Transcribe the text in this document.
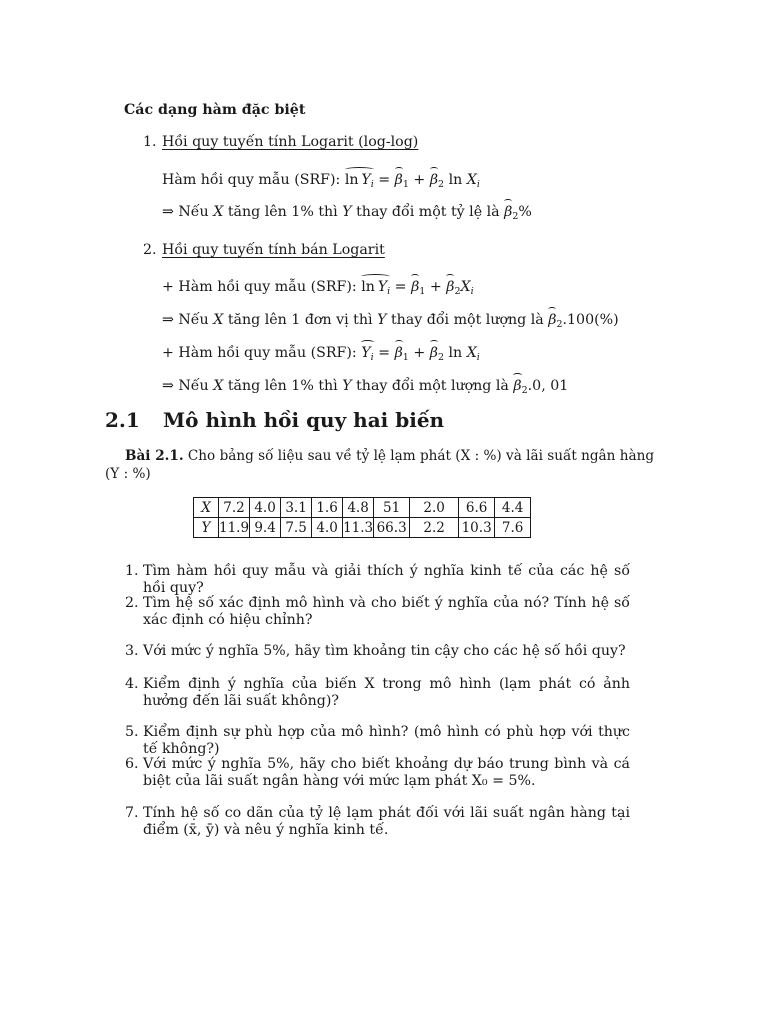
Các dạng hàm đặc biệt
1. Hồi quy tuyến tính Logarit (log-log)
Hàm hồi quy mẫu (SRF): $\ln Y_i = \beta_1 + \beta_2$ $\ln X_i$
⇒ Nếu X tăng lên 1% thì Y thay đổi một tỷ lệ là $\beta_2\%$
2. Hồi quy tuyến tính bán Logarit
+ Hàm hồi quy mẫu (SRF): $\ln Y_i = \beta_1 + \beta_2X_i$
⇒ Nếu X tăng lên 1 đơn vị thì Y thay đổi một lượng là $\beta_2.100(\%)$
+ Hàm hồi quy mẫu (SRF): $Y_i = \beta_1 + \beta_2$ $\ln X_i$
⇒ Nếu X tăng lên 1% thì Y thay đổi một lượng là $\beta_2.0$, 01
2.1 Mô hình hồi quy hai biến
Bài 2.1. Cho bảng số liệu sau về tỷ lệ lạm phát (X : %) và lãi suất ngân hàng
(Y : %)
X	7.2	4.0	3.1	1.6	4.8	51	2.0	6.6	4.4
Y	11.9	9.4	7.5	4.0	11.3	66.3	2.2	10.3	7.6
1. Tìm hàm hồi quy mẫu và giải thích ý nghĩa kinh tế của các hệ số hồi quy?
2. Tìm hệ số xác định mô hình và cho biết ý nghĩa của nó? Tính hệ số xác định có hiệu chỉnh?
3. Với mức ý nghĩa 5%, hãy tìm khoảng tin cậy cho các hệ số hồi quy?
4. Kiểm định ý nghĩa của biến X trong mô hình (lạm phát có ảnh hưởng đến lãi suất không)?
5. Kiểm định sự phù hợp của mô hình? (mô hình có phù hợp với thực tế không?)
6. Với mức ý nghĩa 5%, hãy cho biết khoảng dự báo trung bình và cá biệt của lãi suất ngân hàng với mức lạm phát X₀ = 5%.
7. Tính hệ số co dãn của tỷ lệ lạm phát đối với lãi suất ngân hàng tại điểm (x̄, ȳ) và nêu ý nghĩa kinh tế.
